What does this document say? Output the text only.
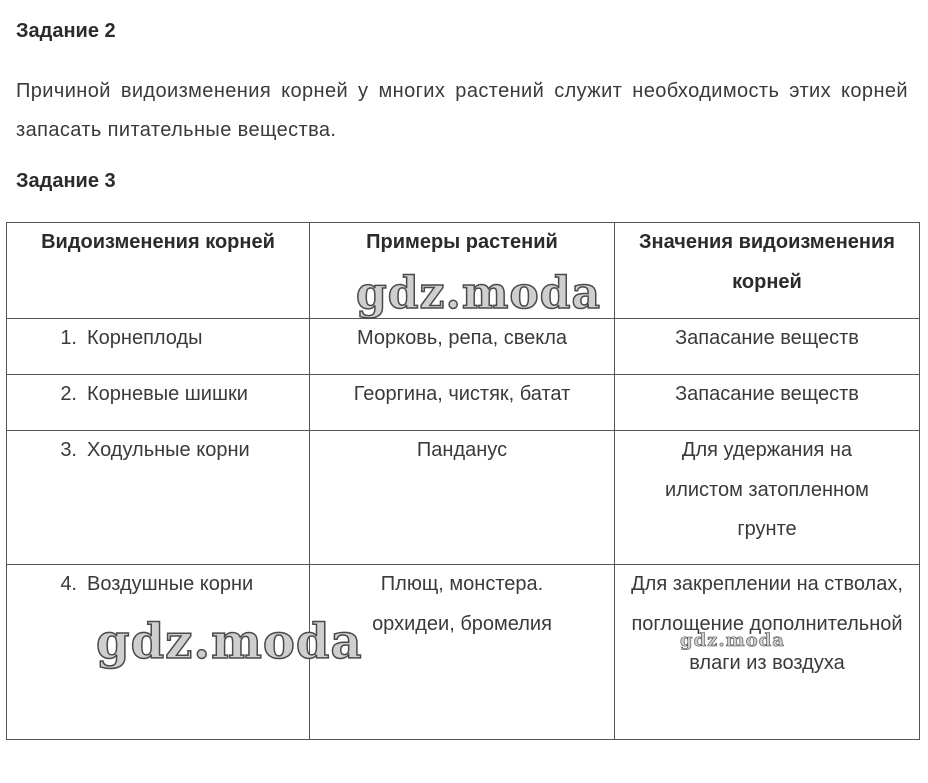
Задание 2
Причиной видоизменения корней у многих растений служит необходимость этих корней запасать питательные вещества.
Задание 3
Видоизменения корней	Примеры растений	Значения видоизменения корней
1. Корнеплоды	Морковь, репа, свекла	Запасание веществ
2. Корневые шишки	Георгина, чистяк, батат	Запасание веществ
3. Ходульные корни	Панданус	Для удержания на илистом затопленном грунте
4. Воздушные корни	Плющ, монстера. орхидеи, бромелия	Для закреплении на стволах, поглощение дополнительной влаги из воздуха
gdz.moda
gdz.moda	gdz.moda
